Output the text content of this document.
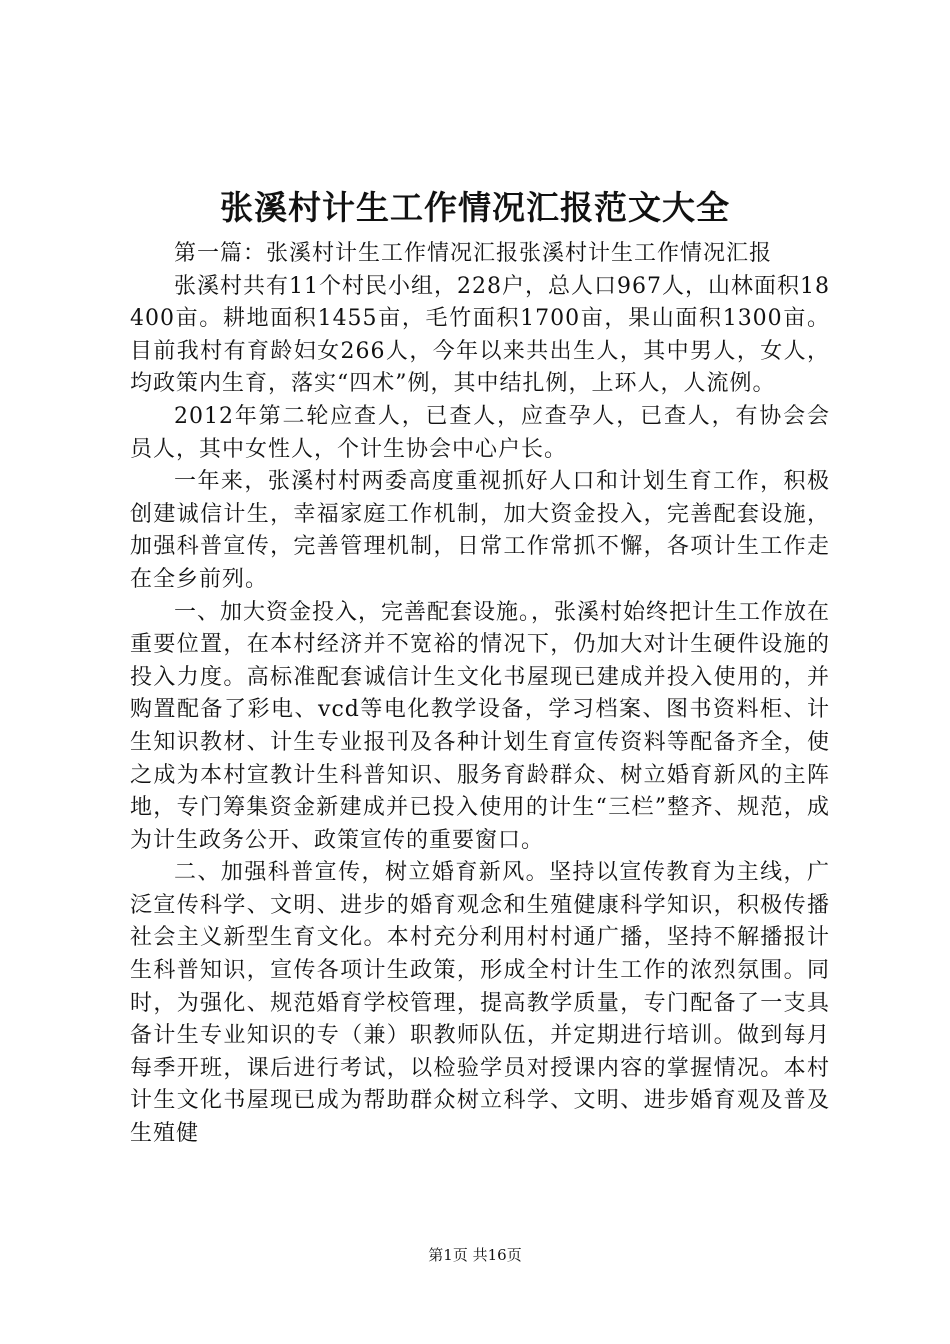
张溪村计生工作情况汇报范文大全

第一篇：张溪村计生工作情况汇报张溪村计生工作情况汇报

张溪村共有11个村民小组，228户，总人口967人，山林面积18400亩。耕地面积1455亩，毛竹面积1700亩，果山面积1300亩。目前我村有育龄妇女266人，今年以来共出生人，其中男人，女人，均政策内生育，落实“四术”例，其中结扎例，上环人，人流例。

2012年第二轮应查人，已查人，应查孕人，已查人，有协会会员人，其中女性人，个计生协会中心户长。

一年来，张溪村村两委高度重视抓好人口和计划生育工作，积极创建诚信计生，幸福家庭工作机制，加大资金投入，完善配套设施，加强科普宣传，完善管理机制，日常工作常抓不懈，各项计生工作走在全乡前列。

一、加大资金投入，完善配套设施。，张溪村始终把计生工作放在重要位置，在本村经济并不宽裕的情况下，仍加大对计生硬件设施的投入力度。高标准配套诚信计生文化书屋现已建成并投入使用的，并购置配备了彩电、vcd等电化教学设备，学习档案、图书资料柜、计生知识教材、计生专业报刊及各种计划生育宣传资料等配备齐全，使之成为本村宣教计生科普知识、服务育龄群众、树立婚育新风的主阵地，专门筹集资金新建成并已投入使用的计生“三栏”整齐、规范，成为计生政务公开、政策宣传的重要窗口。

二、加强科普宣传，树立婚育新风。坚持以宣传教育为主线，广泛宣传科学、文明、进步的婚育观念和生殖健康科学知识，积极传播社会主义新型生育文化。本村充分利用村村通广播，坚持不解播报计生科普知识，宣传各项计生政策，形成全村计生工作的浓烈氛围。同时，为强化、规范婚育学校管理，提高教学质量，专门配备了一支具备计生专业知识的专（兼）职教师队伍，并定期进行培训。做到每月每季开班，课后进行考试，以检验学员对授课内容的掌握情况。本村计生文化书屋现已成为帮助群众树立科学、文明、进步婚育观及普及生殖健

第1页 共16页
